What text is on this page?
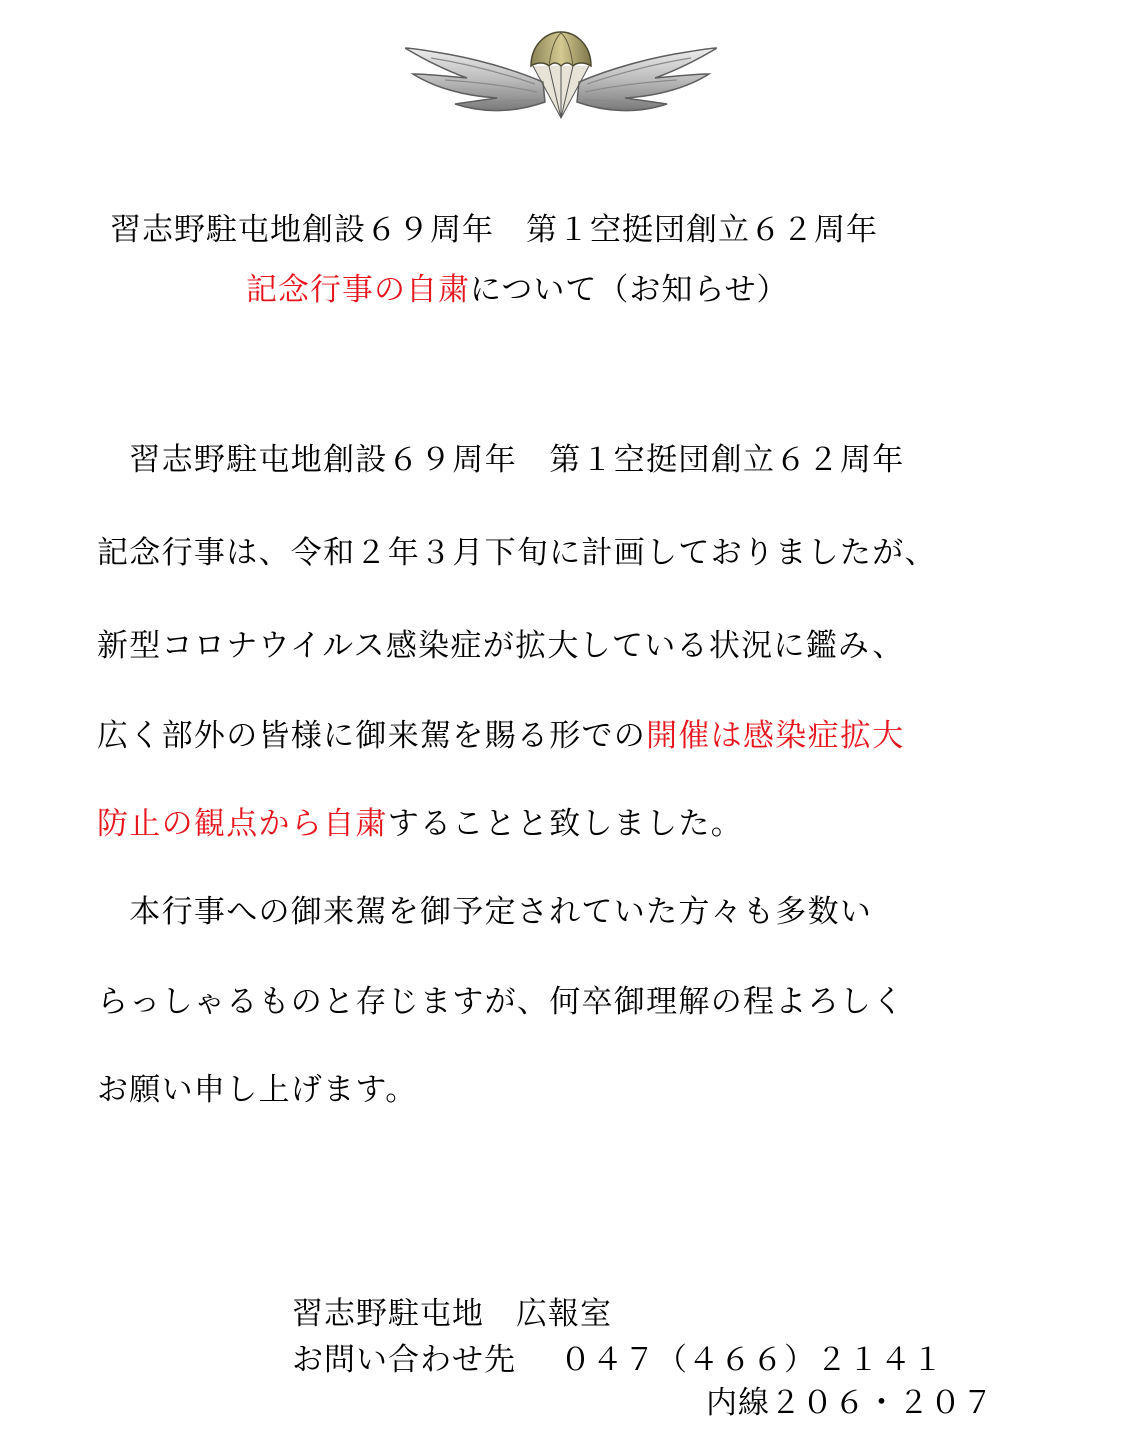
習志野駐屯地創設６９周年　第１空挺団創立６２周年
記念行事の自粛について（お知らせ）
　習志野駐屯地創設６９周年　第１空挺団創立６２周年
記念行事は、令和２年３月下旬に計画しておりましたが、
新型コロナウイルス感染症が拡大している状況に鑑み、
広く部外の皆様に御来駕を賜る形での開催は感染症拡大
防止の観点から自粛することと致しました。
　本行事への御来駕を御予定されていた方々も多数い
らっしゃるものと存じますが、何卒御理解の程よろしく
お願い申し上げます。
習志野駐屯地　広報室
お問い合わせ先 ０４７（４６６）２１４１
内線２０６・２０７
